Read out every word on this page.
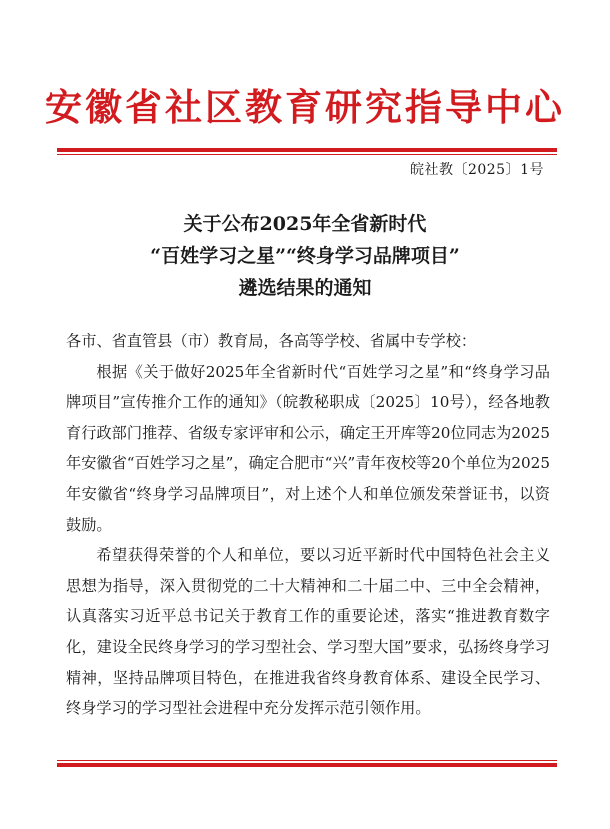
安徽省社区教育研究指导中心
皖社教〔2025〕1号
关于公布2025年全省新时代
“百姓学习之星”“终身学习品牌项目”
遴选结果的通知

各市、省直管县（市）教育局，各高等学校、省属中专学校：

根据《关于做好2025年全省新时代“百姓学习之星”和“终身学习品牌项目”宣传推介工作的通知》（皖教秘职成〔2025〕10号），经各地教育行政部门推荐、省级专家评审和公示，确定王开库等20位同志为2025年安徽省“百姓学习之星”，确定合肥市“兴”青年夜校等20个单位为2025年安徽省“终身学习品牌项目”，对上述个人和单位颁发荣誉证书，以资鼓励。

希望获得荣誉的个人和单位，要以习近平新时代中国特色社会主义思想为指导，深入贯彻党的二十大精神和二十届二中、三中全会精神，认真落实习近平总书记关于教育工作的重要论述，落实“推进教育数字化，建设全民终身学习的学习型社会、学习型大国”要求，弘扬终身学习精神，坚持品牌项目特色，在推进我省终身教育体系、建设全民学习、终身学习的学习型社会进程中充分发挥示范引领作用。
